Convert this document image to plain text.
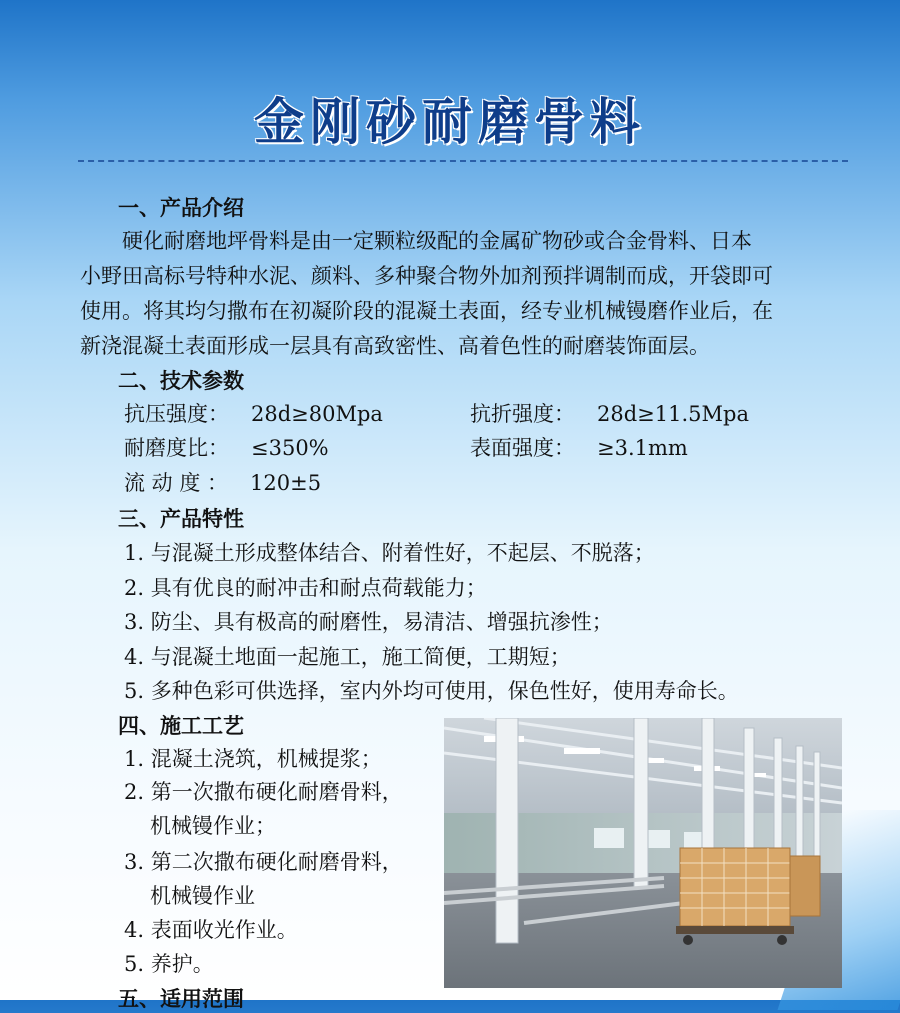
金刚砂耐磨骨料
一、产品介绍
硬化耐磨地坪骨料是由一定颗粒级配的金属矿物砂或合金骨料、日本
小野田高标号特种水泥、颜料、多种聚合物外加剂预拌调制而成，开袋即可
使用。将其均匀撒布在初凝阶段的混凝土表面，经专业机械镘磨作业后，在
新浇混凝土表面形成一层具有高致密性、高着色性的耐磨装饰面层。
二、技术参数
抗压强度： 28d≥80Mpa	抗折强度： 28d≥11.5Mpa
耐磨度比： ≤350%	表面强度： ≥3.1mm
流 动 度 ： 120±5
三、产品特性
1. 与混凝土形成整体结合、附着性好，不起层、不脱落；
2. 具有优良的耐冲击和耐点荷载能力；
3. 防尘、具有极高的耐磨性，易清洁、增强抗渗性；
4. 与混凝土地面一起施工，施工简便，工期短；
5. 多种色彩可供选择，室内外均可使用，保色性好，使用寿命长。
四、施工工艺
1. 混凝土浇筑，机械提浆；
2. 第一次撒布硬化耐磨骨料，
机械镘作业；
3. 第二次撒布硬化耐磨骨料，
机械镘作业
4. 表面收光作业。
5. 养护。
五、适用范围
